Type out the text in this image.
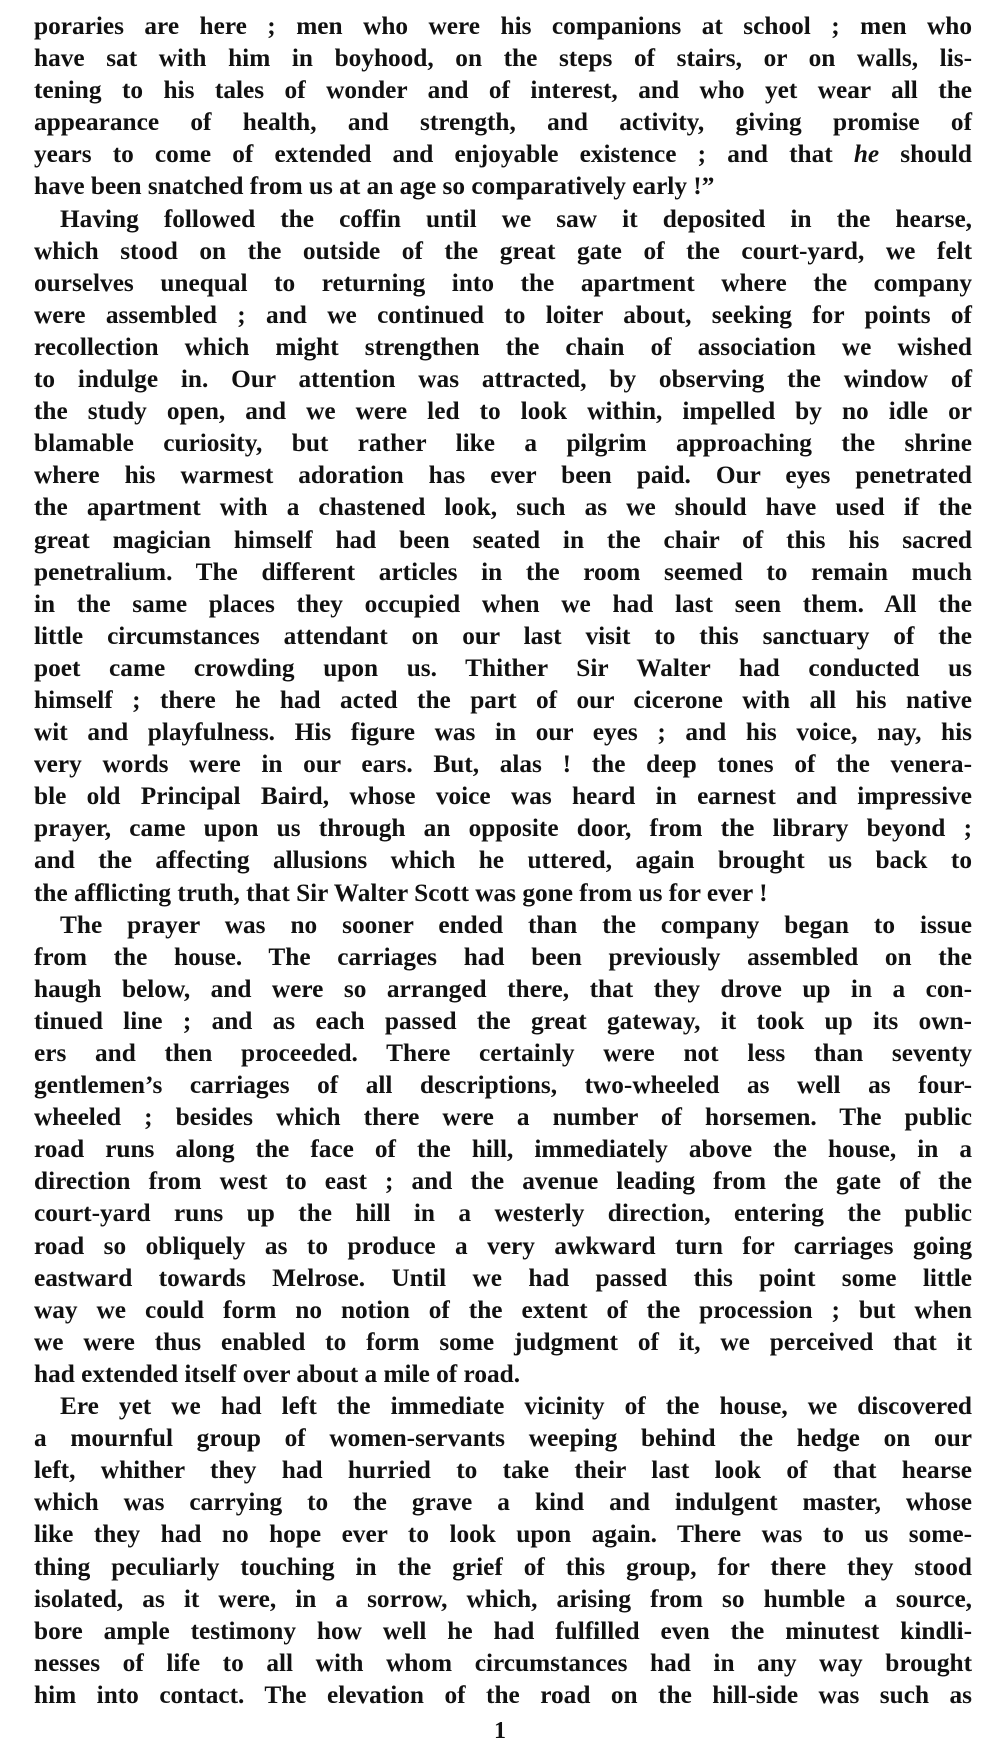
poraries are here ; men who were his companions at school ; men who
have sat with him in boyhood, on the steps of stairs, or on walls, lis-
tening to his tales of wonder and of interest, and who yet wear all the
appearance of health, and strength, and activity, giving promise of
years to come of extended and enjoyable existence ; and that he should
have been snatched from us at an age so comparatively early !”
Having followed the coffin until we saw it deposited in the hearse,
which stood on the outside of the great gate of the court-yard, we felt
ourselves unequal to returning into the apartment where the company
were assembled ; and we continued to loiter about, seeking for points of
recollection which might strengthen the chain of association we wished
to indulge in. Our attention was attracted, by observing the window of
the study open, and we were led to look within, impelled by no idle or
blamable curiosity, but rather like a pilgrim approaching the shrine
where his warmest adoration has ever been paid. Our eyes penetrated
the apartment with a chastened look, such as we should have used if the
great magician himself had been seated in the chair of this his sacred
penetralium. The different articles in the room seemed to remain much
in the same places they occupied when we had last seen them. All the
little circumstances attendant on our last visit to this sanctuary of the
poet came crowding upon us. Thither Sir Walter had conducted us
himself ; there he had acted the part of our cicerone with all his native
wit and playfulness. His figure was in our eyes ; and his voice, nay, his
very words were in our ears. But, alas ! the deep tones of the venera-
ble old Principal Baird, whose voice was heard in earnest and impressive
prayer, came upon us through an opposite door, from the library beyond ;
and the affecting allusions which he uttered, again brought us back to
the afflicting truth, that Sir Walter Scott was gone from us for ever !
The prayer was no sooner ended than the company began to issue
from the house. The carriages had been previously assembled on the
haugh below, and were so arranged there, that they drove up in a con-
tinued line ; and as each passed the great gateway, it took up its own-
ers and then proceeded. There certainly were not less than seventy
gentlemen’s carriages of all descriptions, two-wheeled as well as four-
wheeled ; besides which there were a number of horsemen. The public
road runs along the face of the hill, immediately above the house, in a
direction from west to east ; and the avenue leading from the gate of the
court-yard runs up the hill in a westerly direction, entering the public
road so obliquely as to produce a very awkward turn for carriages going
eastward towards Melrose. Until we had passed this point some little
way we could form no notion of the extent of the procession ; but when
we were thus enabled to form some judgment of it, we perceived that it
had extended itself over about a mile of road.
Ere yet we had left the immediate vicinity of the house, we discovered
a mournful group of women-servants weeping behind the hedge on our
left, whither they had hurried to take their last look of that hearse
which was carrying to the grave a kind and indulgent master, whose
like they had no hope ever to look upon again. There was to us some-
thing peculiarly touching in the grief of this group, for there they stood
isolated, as it were, in a sorrow, which, arising from so humble a source,
bore ample testimony how well he had fulfilled even the minutest kindli-
nesses of life to all with whom circumstances had in any way brought
him into contact. The elevation of the road on the hill-side was such as
1
